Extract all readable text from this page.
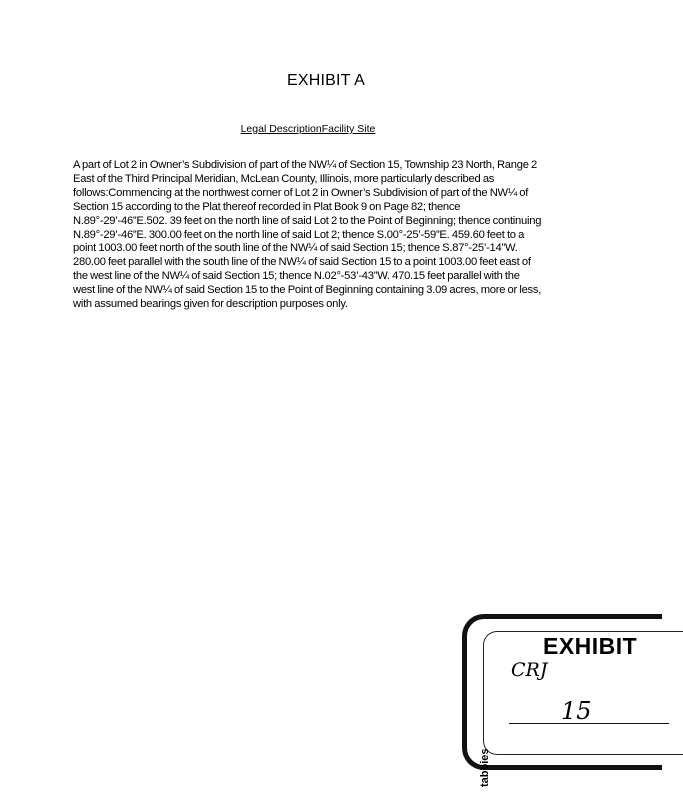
EXHIBIT A
Legal DescriptionFacility Site
A part of Lot 2 in Owner’s Subdivision of part of the NW¼ of Section 15, Township 23 North, Range 2 East of the Third Principal Meridian, McLean County, Illinois, more particularly described as follows:Commencing at the northwest corner of Lot 2 in Owner’s Subdivision of part of the NW¼ of Section 15 according to the Plat thereof recorded in Plat Book 9 on Page 82; thence N.89°-29’-46”E.502. 39 feet on the north line of said Lot 2 to the Point of Beginning; thence continuing N.89°-29’-46”E. 300.00 feet on the north line of said Lot 2; thence S.00°-25’-59”E. 459.60 feet to a point 1003.00 feet north of the south line of the NW¼ of said Section 15; thence S.87°-25’-14”W. 280.00 feet parallel with the south line of the NW¼ of said Section 15 to a point 1003.00 feet east of the west line of the NW¼ of said Section 15; thence N.02°-53’-43”W. 470.15 feet parallel with the west line of the NW¼ of said Section 15 to the Point of Beginning containing 3.09 acres, more or less, with assumed bearings given for description purposes only.
EXHIBIT
tabbies
CRJ
15
